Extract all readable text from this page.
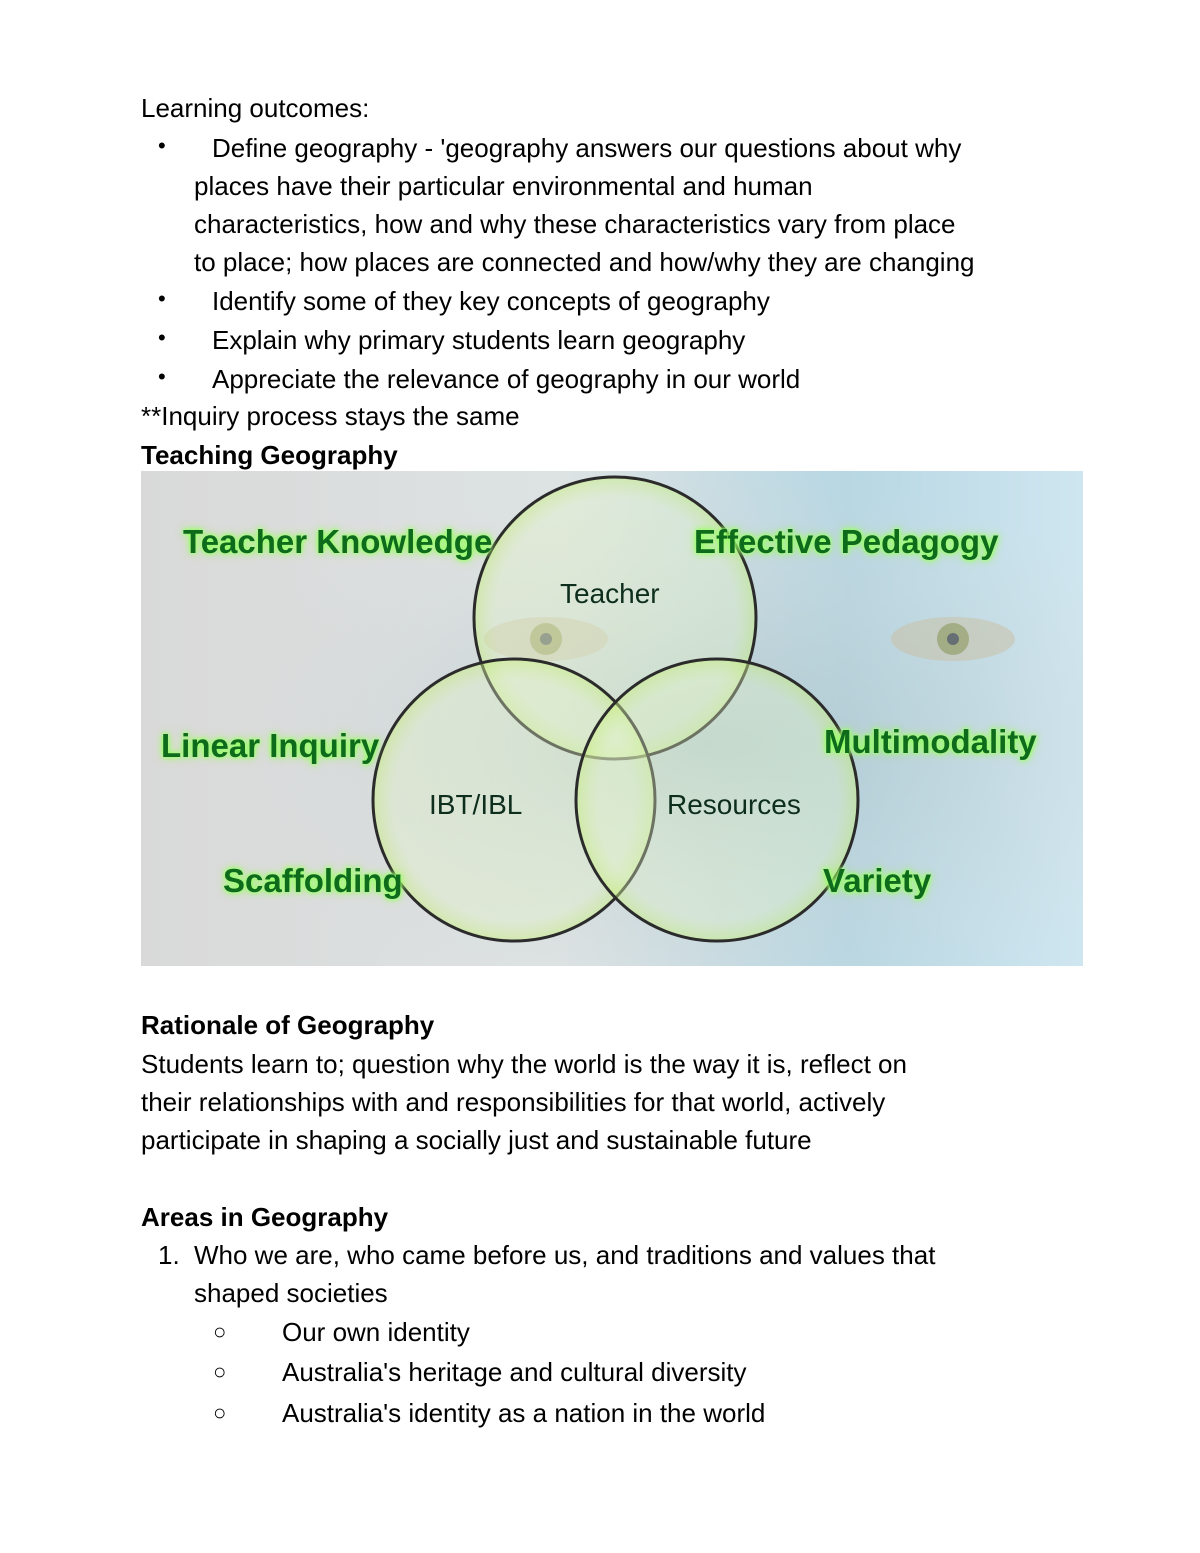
Learning outcomes:
• Define geography - 'geography answers our questions about why
places have their particular environmental and human
characteristics, how and why these characteristics vary from place
to place; how places are connected and how/why they are changing
• Identify some of they key concepts of geography
• Explain why primary students learn geography
• Appreciate the relevance of geography in our world
**Inquiry process stays the same
Teaching Geography
Teacher Knowledge	Effective Pedagogy
Linear Inquiry	Multimodality
Scaffolding	Variety
Teacher
IBT/IBL	Resources
Rationale of Geography
Students learn to; question why the world is the way it is, reflect on
their relationships with and responsibilities for that world, actively
participate in shaping a socially just and sustainable future
Areas in Geography
1. Who we are, who came before us, and traditions and values that
shaped societies
○ Our own identity
○ Australia's heritage and cultural diversity
○ Australia's identity as a nation in the world
